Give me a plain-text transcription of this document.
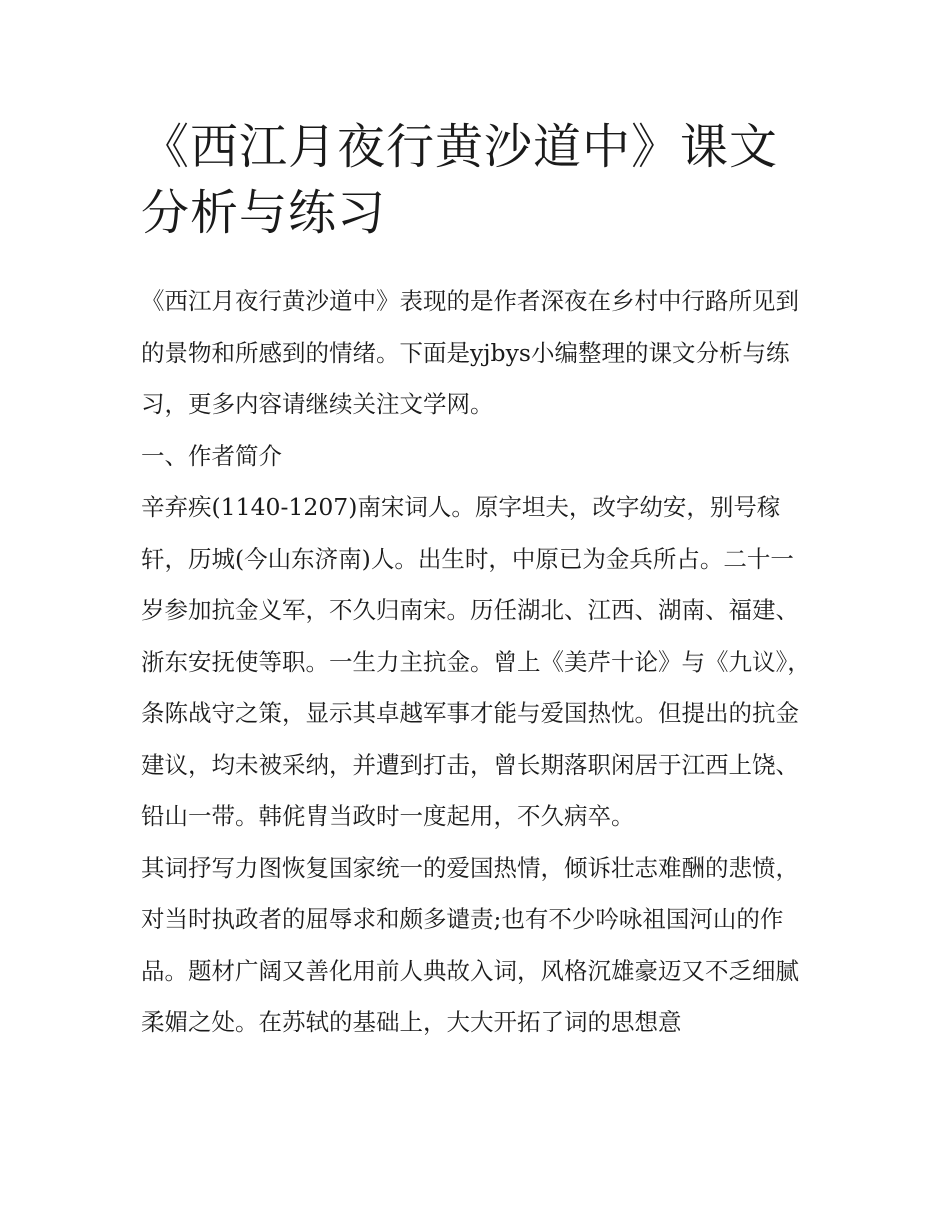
《西江月夜行黄沙道中》课文分析与练习

《西江月夜行黄沙道中》表现的是作者深夜在乡村中行路所见到的景物和所感到的情绪。下面是yjbys小编整理的课文分析与练习，更多内容请继续关注文学网。

一、作者简介

辛弃疾(1140-1207)南宋词人。原字坦夫，改字幼安，别号稼轩，历城(今山东济南)人。出生时，中原已为金兵所占。二十一岁参加抗金义军，不久归南宋。历任湖北、江西、湖南、福建、浙东安抚使等职。一生力主抗金。曾上《美芹十论》与《九议》，条陈战守之策，显示其卓越军事才能与爱国热忱。但提出的抗金建议，均未被采纳，并遭到打击，曾长期落职闲居于江西上饶、铅山一带。韩侂胄当政时一度起用，不久病卒。

其词抒写力图恢复国家统一的爱国热情，倾诉壮志难酬的悲愤，对当时执政者的屈辱求和颇多谴责;也有不少吟咏祖国河山的作品。题材广阔又善化用前人典故入词，风格沉雄豪迈又不乏细腻柔媚之处。在苏轼的基础上，大大开拓了词的思想意
